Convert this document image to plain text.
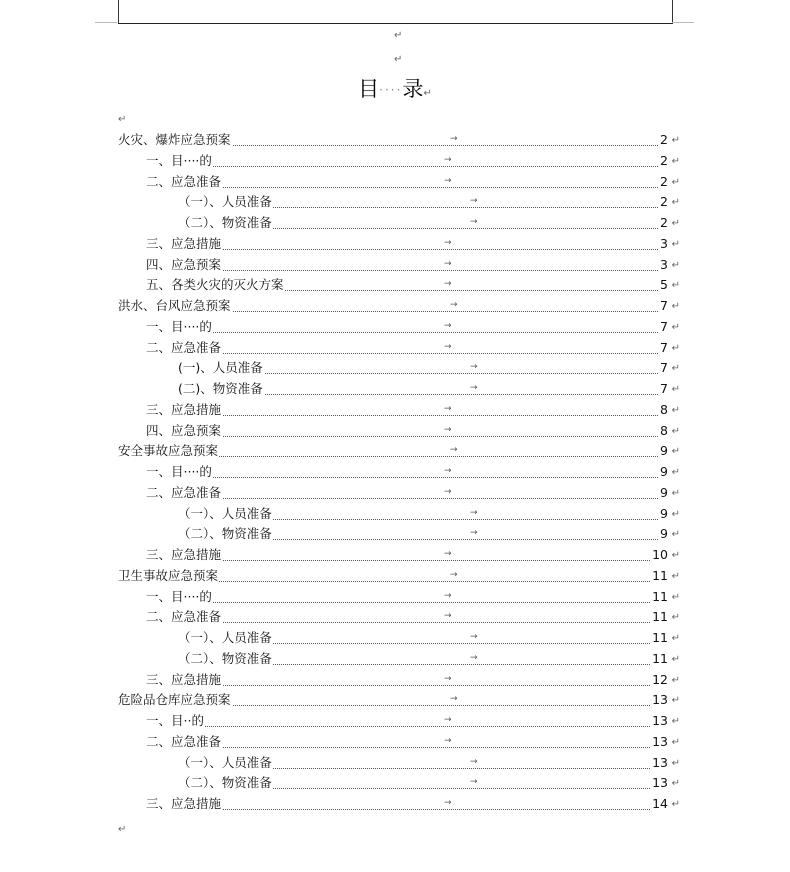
↵
↵
目····录↵
↵
火灾、爆炸应急预案	→	2 ↵
一、目····的	→	2 ↵
二、应急准备	→	2 ↵
（一）、人员准备	→	2 ↵
（二）、物资准备	→	2 ↵
三、应急措施	→	3 ↵
四、应急预案	→	3 ↵
五、各类火灾的灭火方案	→	5 ↵
洪水、台风应急预案	→	7 ↵
一、目····的	→	7 ↵
二、应急准备	→	7 ↵
(一)、人员准备	→	7 ↵
(二)、物资准备	→	7 ↵
三、应急措施	→	8 ↵
四、应急预案	→	8 ↵
安全事故应急预案	→	9 ↵
一、目····的	→	9 ↵
二、应急准备	→	9 ↵
（一）、人员准备	→	9 ↵
（二）、物资准备	→	9 ↵
三、应急措施	→	10 ↵
卫生事故应急预案	→	11 ↵
一、目····的	→	11 ↵
二、应急准备	→	11 ↵
（一）、人员准备	→	11 ↵
（二）、物资准备	→	11 ↵
三、应急措施	→	12 ↵
危险品仓库应急预案	→	13 ↵
一、目··的	→	13 ↵
二、应急准备	→	13 ↵
（一）、人员准备	→	13 ↵
（二）、物资准备	→	13 ↵
三、应急措施	→	14 ↵
↵
